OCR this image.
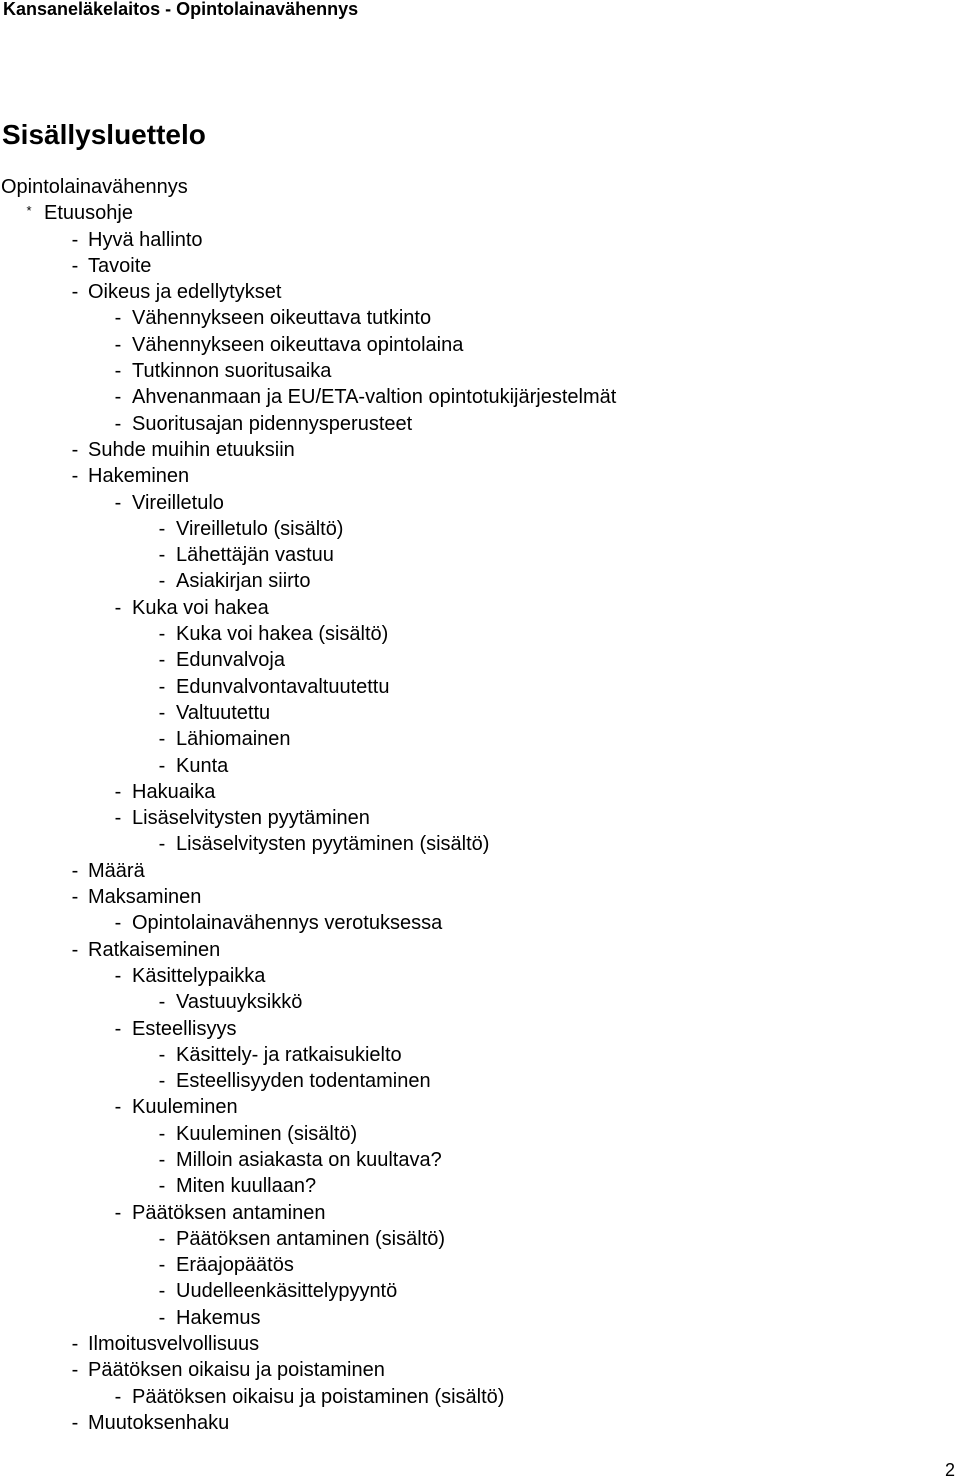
Kansaneläkelaitos - Opintolainavähennys
Sisällysluettelo
Opintolainavähennys
* Etuusohje
- Hyvä hallinto
- Tavoite
- Oikeus ja edellytykset
- Vähennykseen oikeuttava tutkinto
- Vähennykseen oikeuttava opintolaina
- Tutkinnon suoritusaika
- Ahvenanmaan ja EU/ETA-valtion opintotukijärjestelmät
- Suoritusajan pidennysperusteet
- Suhde muihin etuuksiin
- Hakeminen
- Vireilletulo
- Vireilletulo (sisältö)
- Lähettäjän vastuu
- Asiakirjan siirto
- Kuka voi hakea
- Kuka voi hakea (sisältö)
- Edunvalvoja
- Edunvalvontavaltuutettu
- Valtuutettu
- Lähiomainen
- Kunta
- Hakuaika
- Lisäselvitysten pyytäminen
- Lisäselvitysten pyytäminen (sisältö)
- Määrä
- Maksaminen
- Opintolainavähennys verotuksessa
- Ratkaiseminen
- Käsittelypaikka
- Vastuuyksikkö
- Esteellisyys
- Käsittely- ja ratkaisukielto
- Esteellisyyden todentaminen
- Kuuleminen
- Kuuleminen (sisältö)
- Milloin asiakasta on kuultava?
- Miten kuullaan?
- Päätöksen antaminen
- Päätöksen antaminen (sisältö)
- Eräajopäätös
- Uudelleenkäsittelypyyntö
- Hakemus
- Ilmoitusvelvollisuus
- Päätöksen oikaisu ja poistaminen
- Päätöksen oikaisu ja poistaminen (sisältö)
- Muutoksenhaku
2
